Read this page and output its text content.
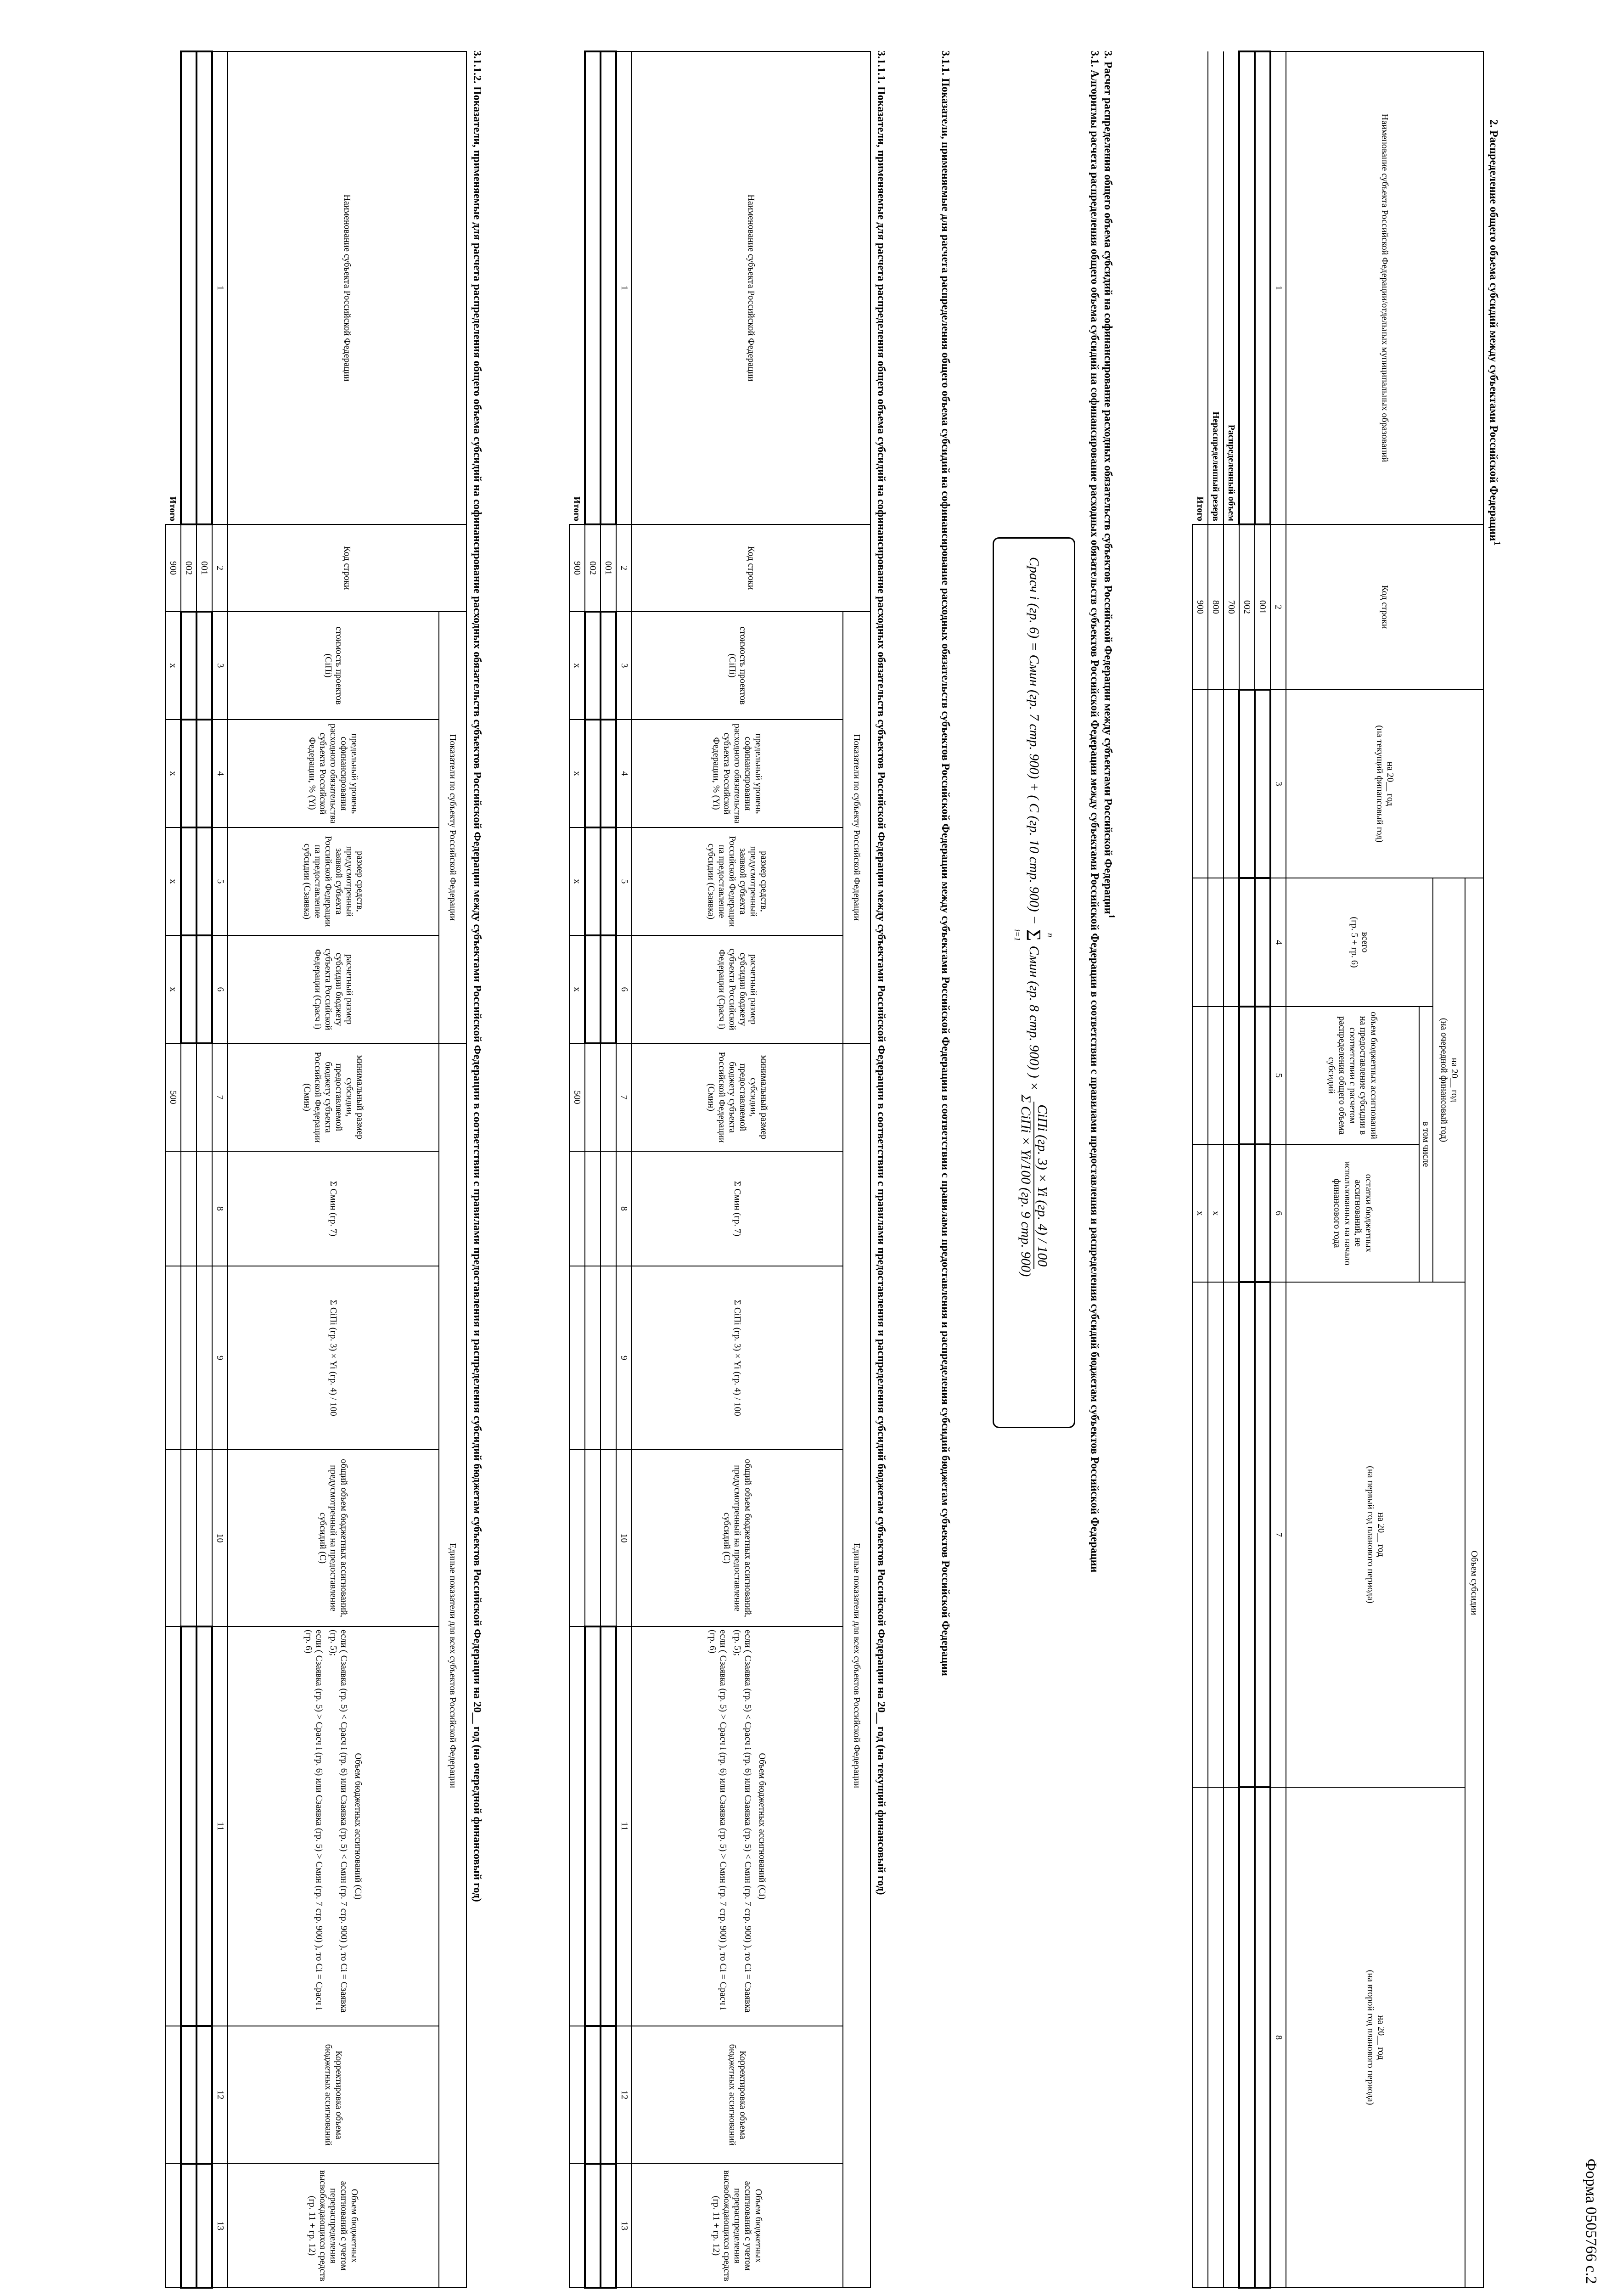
Форма 0505766 с.2
2. Распределение общего объема субсидий между субъектами Российской Федерации$^1$
Наименование субъекта Российской Федерации/отдельных муниципальных образований	Код строки	на 20__ год
(на текущий финансовый год)	Объем субсидии				
			на 20__ год
(на очередной финансовый год)			на 20__ год
(на первый год планового периода)	на 20__ год
(на второй год планового периода)
			всего
(гр. 5 + гр. 6)	в том числе			
				объем бюджетных ассигнований на предоставление субсидии в соответствии с расчетом распределения общего объема субсидий	остатки бюджетных ассигнований, не использованных на начало финансового года		
1	2	3	4	5	6	7	8
	001						
	002						
Распределенный объем	700						
Нераспределенный резерв	800				x		
Итого	900				x		
3. Расчет распределения общего объема субсидий на софинансирование расходных обязательств субъектов Российской Федерации между субъектами Российской Федерации$^1$
3.1. Алгоритмы расчета распределения общего объема субсидий на софинансирование расходных обязательств субъектов Российской Федерации между субъектами Российской Федерации в соответствии с правилами предоставления и распределения субсидий бюджетам субъектов Российской Федерации
Cрасч i (гр. 6) = Cмин (гр. 7 стр. 900) + ( C (гр. 10 стр. 900) −
n
Σ
i=1
Cмин (гр. 8 стр. 900) ) ×
CiПi (гр. 3) × Yi (гр. 4) / 100
Σ CiПi × Yi/100 (гр. 9 стр. 900)
3.1.1. Показатели, применяемые для расчета распределения общего объема субсидий на софинансирование расходных обязательств субъектов Российской Федерации между субъектами Российской Федерации в соответствии с правилами предоставления и распределения субсидий бюджетам субъектов Российской Федерации
3.1.1.1. Показатели, применяемые для расчета распределения общего объема субсидий на софинансирование расходных обязательств субъектов Российской Федерации между субъектами Российской Федерации в соответствии с правилами предоставления и распределения субсидий бюджетам субъектов Российской Федерации на 20__ год (на текущий финансовый год)
Наименование субъекта Российской Федерации	Код строки	Показатели по субъекту Российской Федерации				Единые показатели для всех субъектов Российской Федерации						
		стоимость проектов (CiПi)	предельный уровень софинансирования расходного обязательства субъекта Российской Федерации, % (Yi)	размер средств, предусмотренный заявкой субъекта Российской Федерации на предоставление субсидии (Сзаявка)	расчетный размер субсидии бюджету субъекта Российской Федерации (Срасч i)	минимальный размер субсидии, предоставляемой бюджету субъекта Российской Федерации (Cмин)	Σ Cмин (гр. 7)	Σ CiПi (гр. 3) × Yi (гр. 4) / 100	общий объем бюджетных ассигнований, предусмотренный на предоставление субсидий (C)	Объем бюджетных ассигнований (Ci)
если ( Cзаявка (гр. 5) < Cрасч i (гр. 6) или Cзаявка (гр. 5) < Cмин (гр. 7 стр. 900) ), то Ci = Cзаявка (гр. 5);
если ( Cзаявка (гр. 5) > Cрасч i (гр. 6) или Cзаявка (гр. 5) > Cмин (гр. 7 стр. 900) ), то Ci = Cрасч i (гр. 6)	Корректировка объема бюджетных ассигнований	Объем бюджетных ассигнований с учетом перераспределения высвобождающихся средств (гр. 11 + гр. 12)
1	2	3	4	5	6	7	8	9	10	11	12	13
	001											
	002											
Итого	900	x	x	x	x	500						
3.1.1.2. Показатели, применяемые для расчета распределения общего объема субсидий на софинансирование расходных обязательств субъектов Российской Федерации между субъектами Российской Федерации в соответствии с правилами предоставления и распределения субсидий бюджетам субъектов Российской Федерации на 20__ год (на очередной финансовый год)
Наименование субъекта Российской Федерации	Код строки	Показатели по субъекту Российской Федерации				Единые показатели для всех субъектов Российской Федерации						
		стоимость проектов (CiПi)	предельный уровень софинансирования расходного обязательства субъекта Российской Федерации, % (Yi)	размер средств, предусмотренный заявкой субъекта Российской Федерации на предоставление субсидии (Сзаявка)	расчетный размер субсидии бюджету субъекта Российской Федерации (Срасч i)	минимальный размер субсидии, предоставляемой бюджету субъекта Российской Федерации (Cмин)	Σ Cмин (гр. 7)	Σ CiПi (гр. 3) × Yi (гр. 4) / 100	общий объем бюджетных ассигнований, предусмотренный на предоставление субсидий (C)	Объем бюджетных ассигнований (Ci)
если ( Cзаявка (гр. 5) < Cрасч i (гр. 6) или Cзаявка (гр. 5) < Cмин (гр. 7 стр. 900) ), то Ci = Cзаявка (гр. 5);
если ( Cзаявка (гр. 5) > Cрасч i (гр. 6) или Cзаявка (гр. 5) > Cмин (гр. 7 стр. 900) ), то Ci = Cрасч i (гр. 6)	Корректировка объема бюджетных ассигнований	Объем бюджетных ассигнований с учетом перераспределения высвобождающихся средств (гр. 11 + гр. 12)
1	2	3	4	5	6	7	8	9	10	11	12	13
	001											
	002											
Итого	900	x	x	x	x	500						
